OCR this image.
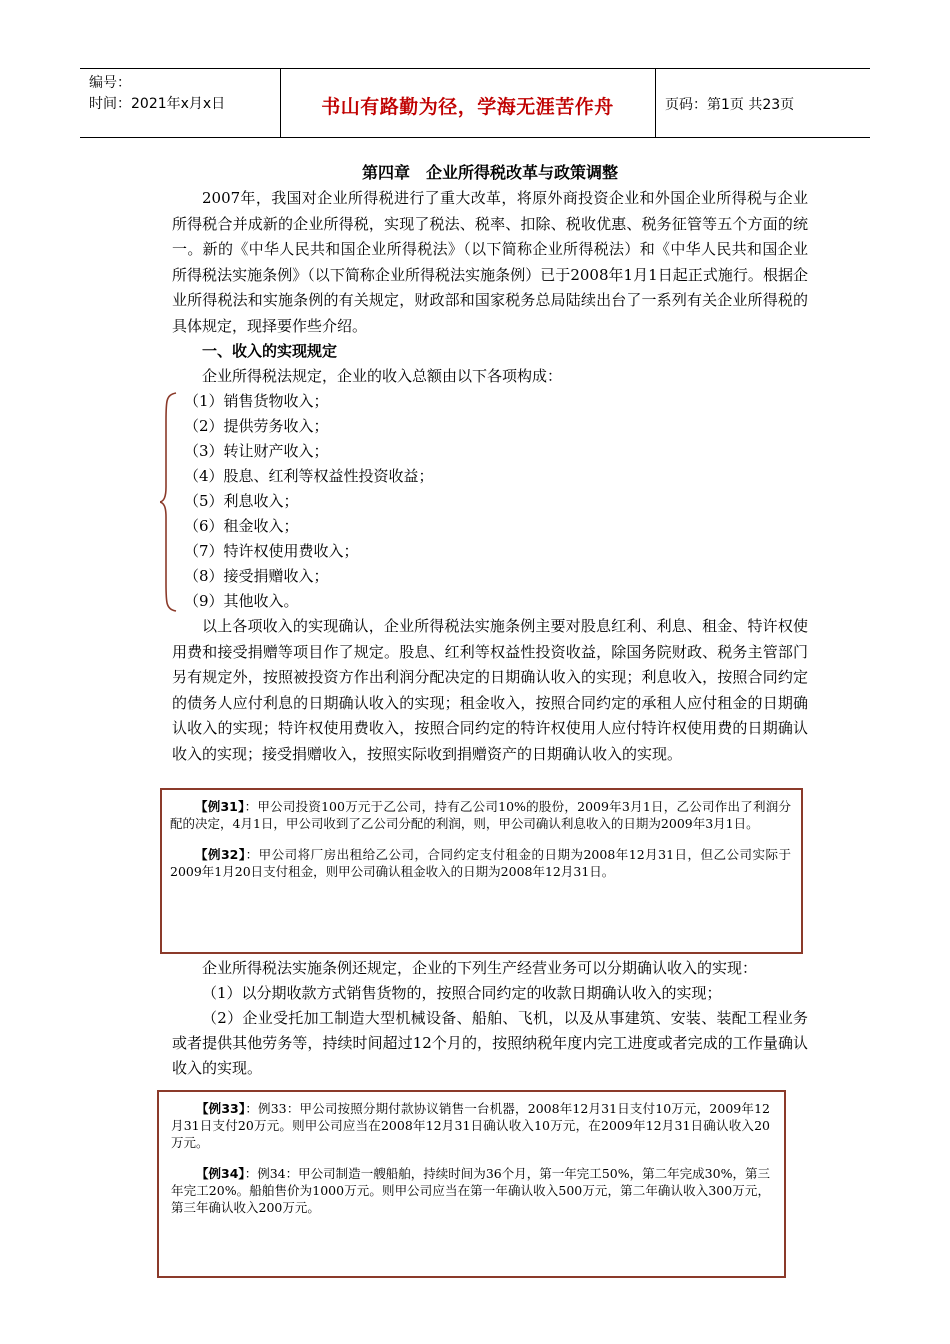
编号：
时间：2021年x月x日	书山有路勤为径，学海无涯苦作舟	页码：第1页 共23页
第四章　企业所得税改革与政策调整

2007年，我国对企业所得税进行了重大改革，将原外商投资企业和外国企业所得税与企业所得税合并成新的企业所得税，实现了税法、税率、扣除、税收优惠、税务征管等五个方面的统一。新的《中华人民共和国企业所得税法》（以下简称企业所得税法）和《中华人民共和国企业所得税法实施条例》（以下简称企业所得税法实施条例）已于2008年1月1日起正式施行。根据企业所得税法和实施条例的有关规定，财政部和国家税务总局陆续出台了一系列有关企业所得税的具体规定，现择要作些介绍。

一、收入的实现规定

企业所得税法规定，企业的收入总额由以下各项构成：

（1）销售货物收入；
（2）提供劳务收入；
（3）转让财产收入；
（4）股息、红利等权益性投资收益；
（5）利息收入；
（6）租金收入；
（7）特许权使用费收入；
（8）接受捐赠收入；
（9）其他收入。

以上各项收入的实现确认，企业所得税法实施条例主要对股息红利、利息、租金、特许权使用费和接受捐赠等项目作了规定。股息、红利等权益性投资收益，除国务院财政、税务主管部门另有规定外，按照被投资方作出利润分配决定的日期确认收入的实现；利息收入，按照合同约定的债务人应付利息的日期确认收入的实现；租金收入，按照合同约定的承租人应付租金的日期确认收入的实现；特许权使用费收入，按照合同约定的特许权使用人应付特许权使用费的日期确认收入的实现；接受捐赠收入，按照实际收到捐赠资产的日期确认收入的实现。

【例31】：甲公司投资100万元于乙公司，持有乙公司10%的股份，2009年3月1日，乙公司作出了利润分配的决定，4月1日，甲公司收到了乙公司分配的利润，则，甲公司确认利息收入的日期为2009年3月1日。

【例32】：甲公司将厂房出租给乙公司，合同约定支付租金的日期为2008年12月31日，但乙公司实际于2009年1月20日支付租金，则甲公司确认租金收入的日期为2008年12月31日。

企业所得税法实施条例还规定，企业的下列生产经营业务可以分期确认收入的实现：

（1）以分期收款方式销售货物的，按照合同约定的收款日期确认收入的实现；

（2）企业受托加工制造大型机械设备、船舶、飞机，以及从事建筑、安装、装配工程业务或者提供其他劳务等，持续时间超过12个月的，按照纳税年度内完工进度或者完成的工作量确认收入的实现。

【例33】：例33：甲公司按照分期付款协议销售一台机器，2008年12月31日支付10万元，2009年12月31日支付20万元。则甲公司应当在2008年12月31日确认收入10万元，在2009年12月31日确认收入20万元。

【例34】：例34：甲公司制造一艘船舶，持续时间为36个月，第一年完工50%，第二年完成30%，第三年完工20%。船舶售价为1000万元。则甲公司应当在第一年确认收入500万元，第二年确认收入300万元，第三年确认收入200万元。
